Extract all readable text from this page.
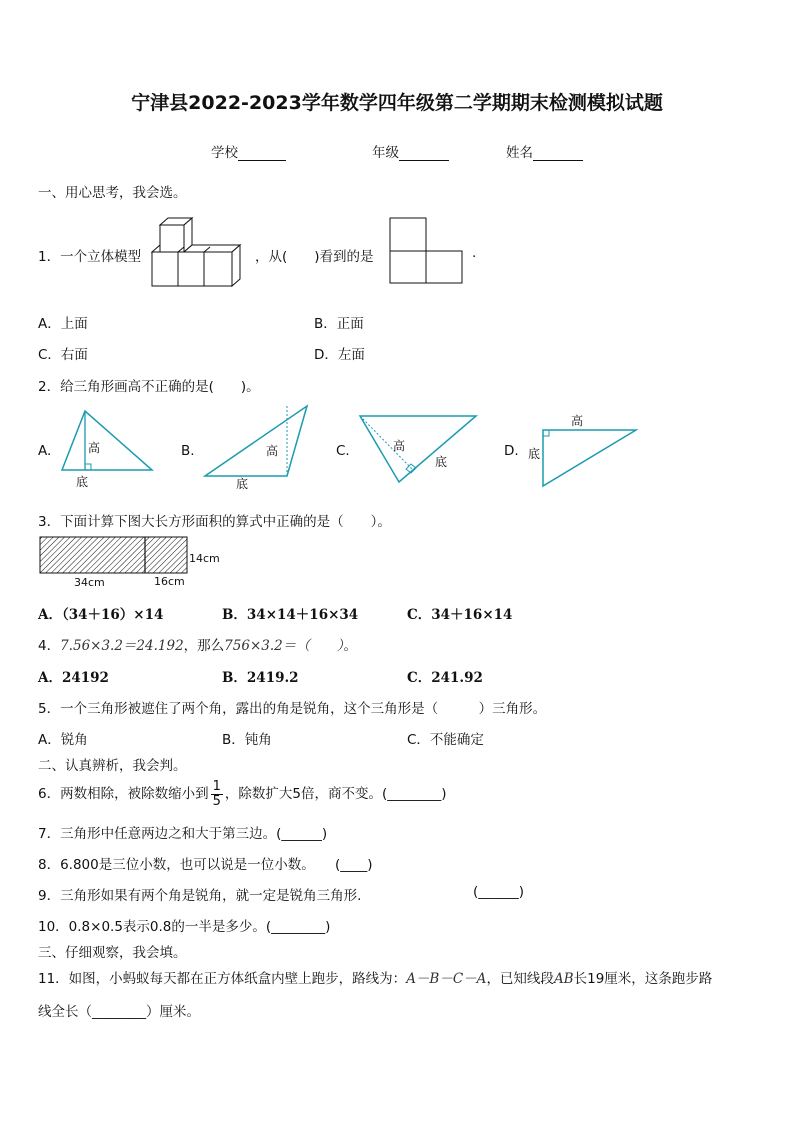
宁津县2022-2023学年数学四年级第二学期期末检测模拟试题
学校	年级	姓名
一、用心思考，我会选。
1．一个立体模型	，从(　　)看到的是	.
A．上面	B．正面
C．右面	D．左面
2．给三角形画高不正确的是(　　)。
A.	高
底
B.	高
底
C.	高
底
D.
高
底
3．下面计算下图大长方形面积的算式中正确的是（　　）。
14cm
34cm	16cm
A．（34＋16）×14	B．34×14＋16×34	C．34＋16×14
4．7.56×3.2＝24.192，那么756×3.2＝（　　）。
A．24192	B．2419.2	C．241.92
5．一个三角形被遮住了两个角，露出的角是锐角，这个三角形是（　　　）三角形。
A．锐角	B．钝角	C．不能确定
二、认真辨析，我会判。
6．两数相除，被除数缩小到 $\frac{1}{5}$ ，除数扩大5倍，商不变。(________)
7．三角形中任意两边之和大于第三边。(______)
8．6.800是三位小数，也可以说是一位小数。　　(____)
9．三角形如果有两个角是锐角，就一定是锐角三角形.	(______)
10．0.8×0.5表示0.8的一半是多少。(________)
三、仔细观察，我会填。
11．如图，小蚂蚁每天都在正方体纸盒内壁上跑步，路线为：A－B－C－A，已知线段AB长19厘米，这条跑步路
线全长（________）厘米。
